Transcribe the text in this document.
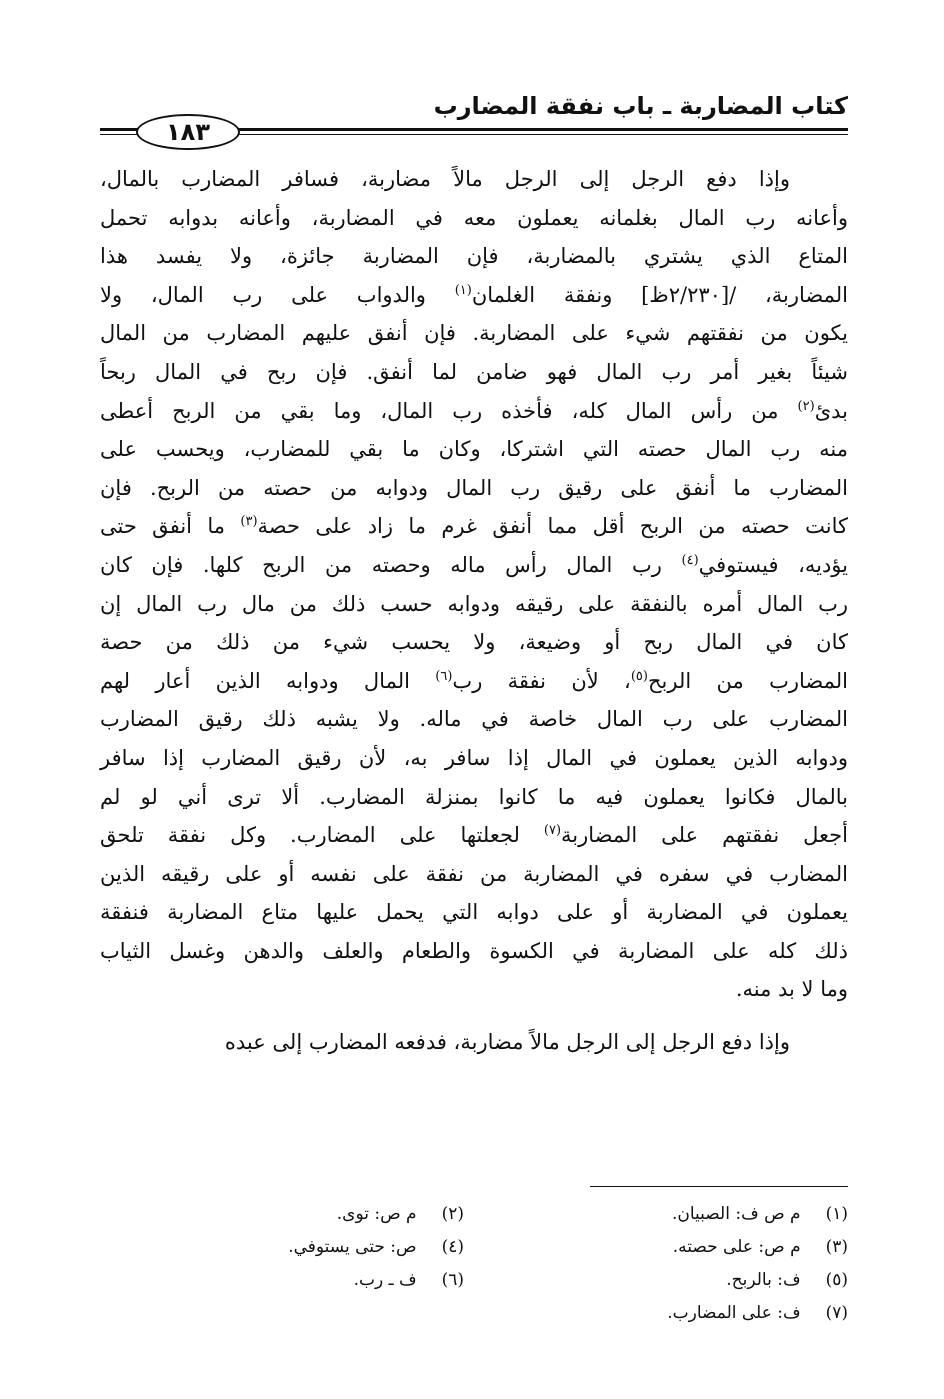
كتاب المضاربة ـ باب نفقة المضارب
١٨٣
وإذا دفع الرجل إلى الرجل مالاً مضاربة، فسافر المضارب بالمال،
وأعانه رب المال بغلمانه يعملون معه في المضاربة، وأعانه بدوابه تحمل
المتاع الذي يشتري بالمضاربة، فإن المضاربة جائزة، ولا يفسد هذا
المضاربة، /[٢/٢٣٠ظ] ونفقة الغلمان$^{(١)}$ والدواب على رب المال، ولا
يكون من نفقتهم شيء على المضاربة. فإن أنفق عليهم المضارب من المال
شيئاً بغير أمر رب المال فهو ضامن لما أنفق. فإن ربح في المال ربحاً
بدئ$^{(٢)}$ من رأس المال كله، فأخذه رب المال، وما بقي من الربح أعطى
منه رب المال حصته التي اشتركا، وكان ما بقي للمضارب، ويحسب على
المضارب ما أنفق على رقيق رب المال ودوابه من حصته من الربح. فإن
كانت حصته من الربح أقل مما أنفق غرم ما زاد على حصة$^{(٣)}$ ما أنفق حتى
يؤديه، فيستوفي$^{(٤)}$ رب المال رأس ماله وحصته من الربح كلها. فإن كان
رب المال أمره بالنفقة على رقيقه ودوابه حسب ذلك من مال رب المال إن
كان في المال ربح أو وضيعة، ولا يحسب شيء من ذلك من حصة
المضارب من الربح$^{(٥)}$، لأن نفقة رب$^{(٦)}$ المال ودوابه الذين أعار لهم
المضارب على رب المال خاصة في ماله. ولا يشبه ذلك رقيق المضارب
ودوابه الذين يعملون في المال إذا سافر به، لأن رقيق المضارب إذا سافر
بالمال فكانوا يعملون فيه ما كانوا بمنزلة المضارب. ألا ترى أني لو لم
أجعل نفقتهم على المضاربة$^{(٧)}$ لجعلتها على المضارب. وكل نفقة تلحق
المضارب في سفره في المضاربة من نفقة على نفسه أو على رقيقه الذين
يعملون في المضاربة أو على دوابه التي يحمل عليها متاع المضاربة فنفقة
ذلك كله على المضاربة في الكسوة والطعام والعلف والدهن وغسل الثياب
وما لا بد منه.
وإذا دفع الرجل إلى الرجل مالاً مضاربة، فدفعه المضارب إلى عبده
(١) م ص ف: الصبيان.
(٣) م ص: على حصته.
(٥) ف: بالربح.
(٧) ف: على المضارب.
(٢) م ص: توى.
(٤) ص: حتى يستوفي.
(٦) ف ـ رب.
